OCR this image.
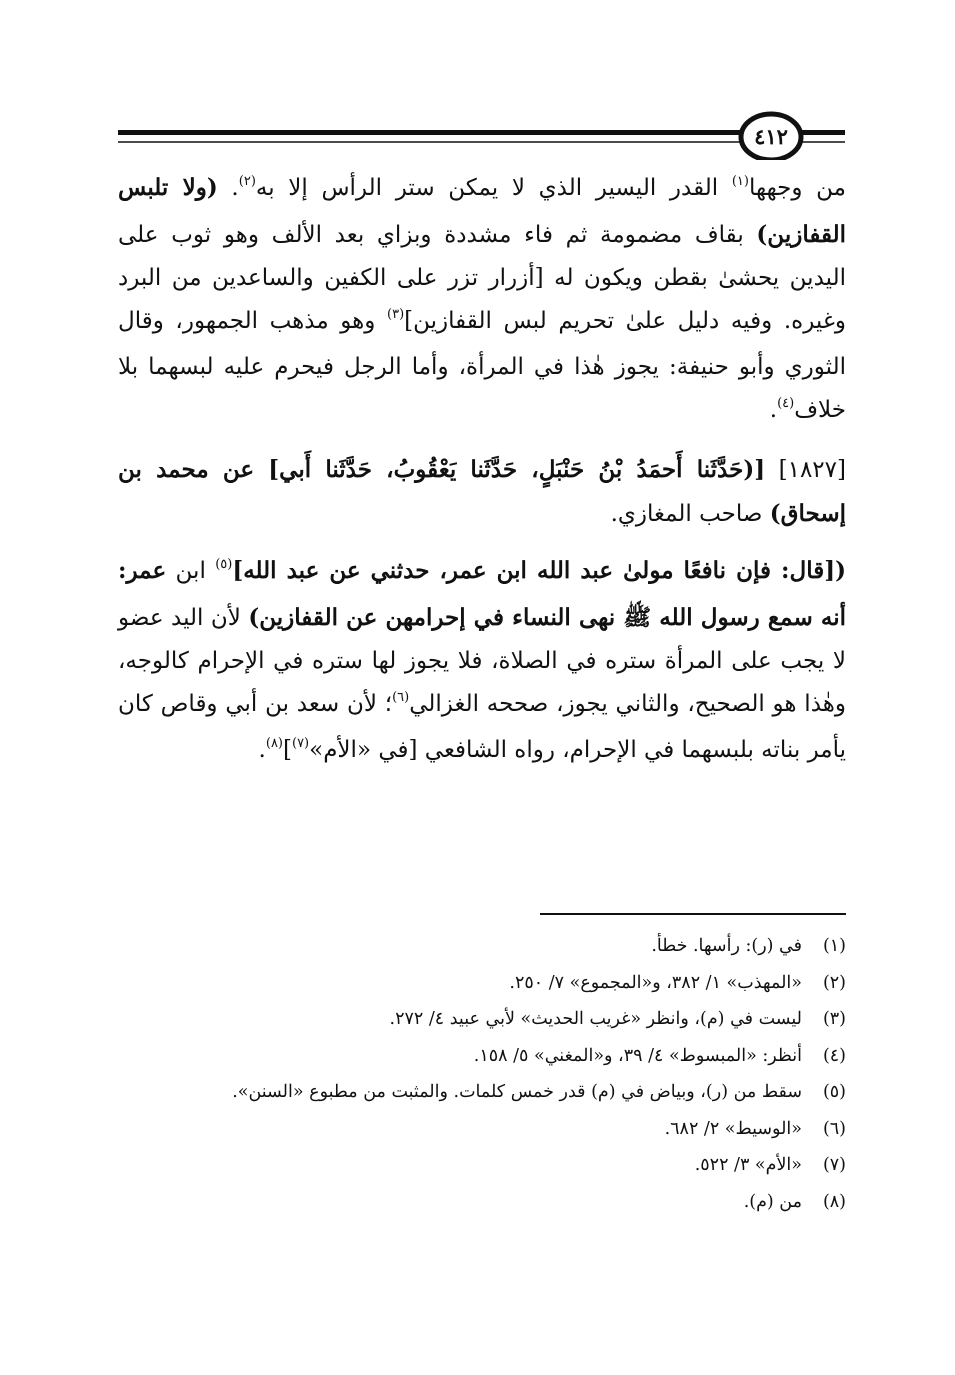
٤١٢

من وجهها$^{(١)}$ القدر اليسير الذي لا يمكن ستر الرأس إلا به$^{(٢)}$. (ولا تلبس القفازين) بقاف مضمومة ثم فاء مشددة وبزاي بعد الألف وهو ثوب على اليدين يحشىٰ بقطن ويكون له [أزرار تزر على الكفين والساعدين من البرد وغيره. وفيه دليل علىٰ تحريم لبس القفازين]$^{(٣)}$ وهو مذهب الجمهور، وقال الثوري وأبو حنيفة: يجوز هٰذا في المرأة، وأما الرجل فيحرم عليه لبسهما بلا خلاف$^{(٤)}$.

[١٨٢٧] [(حَدَّثَنا أَحمَدُ بْنُ حَنْبَلٍ، حَدَّثَنا يَعْقُوبُ، حَدَّثَنا أَبي] عن محمد بن إسحاق) صاحب المغازي.

([قال: فإن نافعًا مولىٰ عبد الله ابن عمر، حدثني عن عبد الله]$^{(٥)}$ ابن عمر: أنه سمع رسول الله ﷺ نهى النساء في إحرامهن عن القفازين) لأن اليد عضو لا يجب على المرأة ستره في الصلاة، فلا يجوز لها ستره في الإحرام كالوجه، وهٰذا هو الصحيح، والثاني يجوز، صححه الغزالي$^{(٦)}$؛ لأن سعد بن أبي وقاص كان يأمر بناته بلبسهما في الإحرام، رواه الشافعي [في «الأم»$^{(٧)}$]$^{(٨)}$.

(١)
في (ر): رأسها. خطأ.
(٢)
«المهذب» ١/ ٣٨٢، و«المجموع» ٧/ ٢٥٠.
(٣)
ليست في (م)، وانظر «غريب الحديث» لأبي عبيد ٤/ ٢٧٢.
(٤)
أنظر: «المبسوط» ٤/ ٣٩، و«المغني» ٥/ ١٥٨.
(٥)
سقط من (ر)، وبياض في (م) قدر خمس كلمات. والمثبت من مطبوع «السنن».
(٦)
«الوسيط» ٢/ ٦٨٢.
(٧)
«الأم» ٣/ ٥٢٢.
(٨)
من (م).
